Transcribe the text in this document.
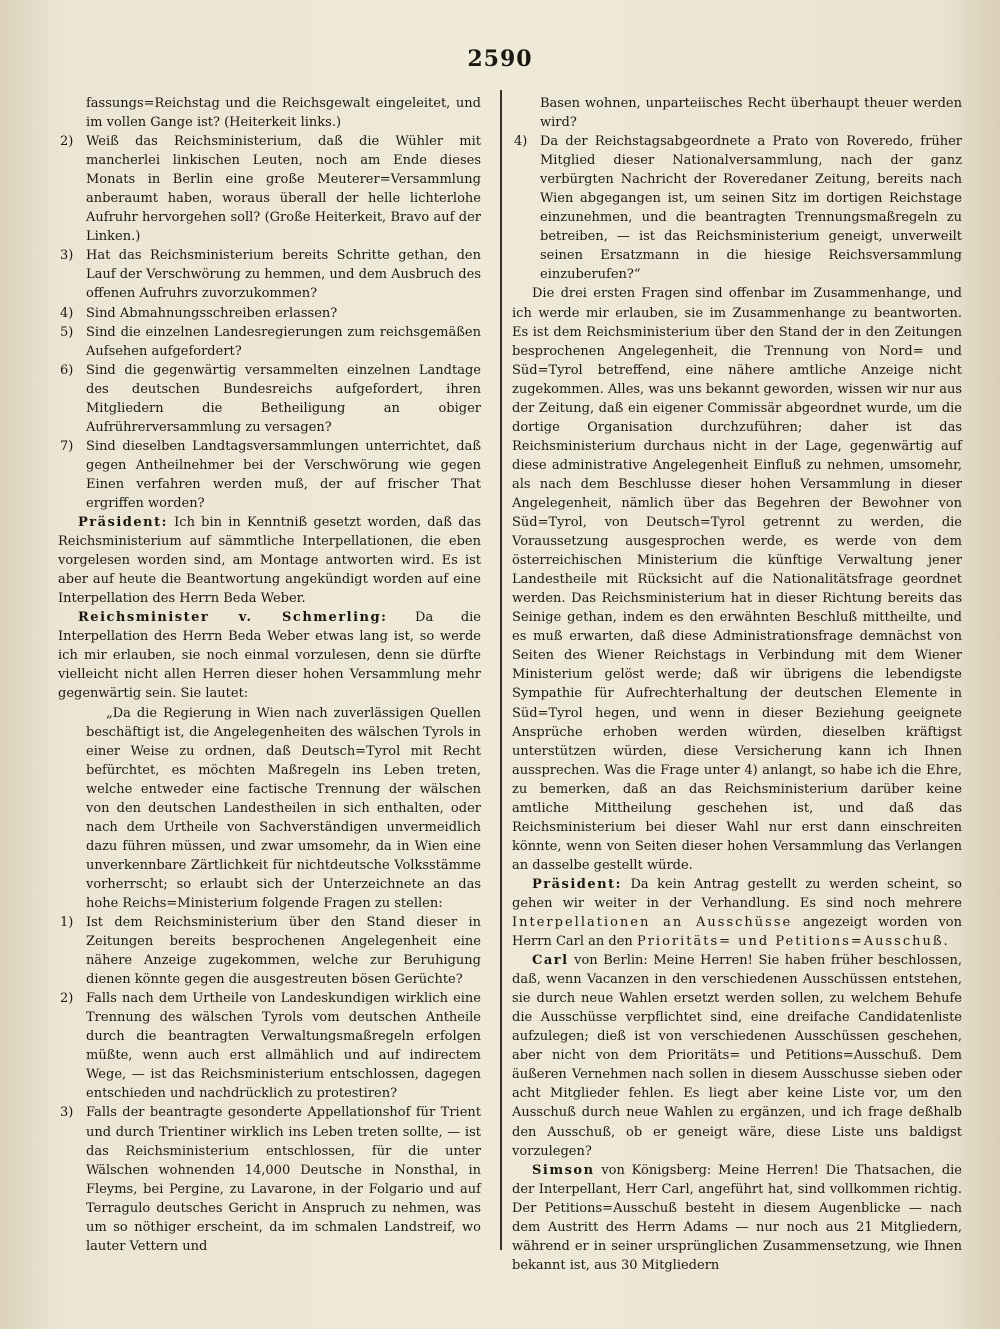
2590

fassungs=Reichstag und die Reichsgewalt eingeleitet, und im vollen Gange ist? (Heiterkeit links.)

2) Weiß das Reichsministerium, daß die Wühler mit mancherlei linkischen Leuten, noch am Ende dieses Monats in Berlin eine große Meuterer=Versammlung anberaumt haben, woraus überall der helle lichterlohe Aufruhr hervorgehen soll? (Große Heiterkeit, Bravo auf der Linken.)

3) Hat das Reichsministerium bereits Schritte gethan, den Lauf der Verschwörung zu hemmen, und dem Ausbruch des offenen Aufruhrs zuvorzukommen?

4) Sind Abmahnungsschreiben erlassen?

5) Sind die einzelnen Landesregierungen zum reichsgemäßen Aufsehen aufgefordert?

6) Sind die gegenwärtig versammelten einzelnen Landtage des deutschen Bundesreichs aufgefordert, ihren Mitgliedern die Betheiligung an obiger Aufrührerversammlung zu versagen?

7) Sind dieselben Landtagsversammlungen unterrichtet, daß gegen Antheilnehmer bei der Verschwörung wie gegen Einen verfahren werden muß, der auf frischer That ergriffen worden?

Präsident: Ich bin in Kenntniß gesetzt worden, daß das Reichsministerium auf sämmtliche Interpellationen, die eben vorgelesen worden sind, am Montage antworten wird. Es ist aber auf heute die Beantwortung angekündigt worden auf eine Interpellation des Herrn Beda Weber.

Reichsminister v. Schmerling: Da die Interpellation des Herrn Beda Weber etwas lang ist, so werde ich mir erlauben, sie noch einmal vorzulesen, denn sie dürfte vielleicht nicht allen Herren dieser hohen Versammlung mehr gegenwärtig sein. Sie lautet:

„Da die Regierung in Wien nach zuverlässigen Quellen beschäftigt ist, die Angelegenheiten des wälschen Tyrols in einer Weise zu ordnen, daß Deutsch=Tyrol mit Recht befürchtet, es möchten Maßregeln ins Leben treten, welche entweder eine factische Trennung der wälschen von den deutschen Landestheilen in sich enthalten, oder nach dem Urtheile von Sachverständigen unvermeidlich dazu führen müssen, und zwar umsomehr, da in Wien eine unverkennbare Zärtlichkeit für nichtdeutsche Volksstämme vorherrscht; so erlaubt sich der Unterzeichnete an das hohe Reichs=Ministerium folgende Fragen zu stellen:

1) Ist dem Reichsministerium über den Stand dieser in Zeitungen bereits besprochenen Angelegenheit eine nähere Anzeige zugekommen, welche zur Beruhigung dienen könnte gegen die ausgestreuten bösen Gerüchte?

2) Falls nach dem Urtheile von Landeskundigen wirklich eine Trennung des wälschen Tyrols vom deutschen Antheile durch die beantragten Verwaltungsmaßregeln erfolgen müßte, wenn auch erst allmählich und auf indirectem Wege, — ist das Reichsministerium entschlossen, dagegen entschieden und nachdrücklich zu protestiren?

3) Falls der beantragte gesonderte Appellationshof für Trient und durch Trientiner wirklich ins Leben treten sollte, — ist das Reichsministerium entschlossen, für die unter Wälschen wohnenden 14,000 Deutsche in Nonsthal, in Fleyms, bei Pergine, zu Lavarone, in der Folgario und auf Terragulo deutsches Gericht in Anspruch zu nehmen, was um so nöthiger erscheint, da im schmalen Landstreif, wo lauter Vettern und

Basen wohnen, unparteiisches Recht überhaupt theuer werden wird?

4) Da der Reichstagsabgeordnete a Prato von Roveredo, früher Mitglied dieser Nationalversammlung, nach der ganz verbürgten Nachricht der Roveredaner Zeitung, bereits nach Wien abgegangen ist, um seinen Sitz im dortigen Reichstage einzunehmen, und die beantragten Trennungsmaßregeln zu betreiben, — ist das Reichsministerium geneigt, unverweilt seinen Ersatzmann in die hiesige Reichsversammlung einzuberufen?“

Die drei ersten Fragen sind offenbar im Zusammenhange, und ich werde mir erlauben, sie im Zusammenhange zu beantworten. Es ist dem Reichsministerium über den Stand der in den Zeitungen besprochenen Angelegenheit, die Trennung von Nord= und Süd=Tyrol betreffend, eine nähere amtliche Anzeige nicht zugekommen. Alles, was uns bekannt geworden, wissen wir nur aus der Zeitung, daß ein eigener Commissär abgeordnet wurde, um die dortige Organisation durchzuführen; daher ist das Reichsministerium durchaus nicht in der Lage, gegenwärtig auf diese administrative Angelegenheit Einfluß zu nehmen, umsomehr, als nach dem Beschlusse dieser hohen Versammlung in dieser Angelegenheit, nämlich über das Begehren der Bewohner von Süd=Tyrol, von Deutsch=Tyrol getrennt zu werden, die Voraussetzung ausgesprochen werde, es werde von dem österreichischen Ministerium die künftige Verwaltung jener Landestheile mit Rücksicht auf die Nationalitätsfrage geordnet werden. Das Reichsministerium hat in dieser Richtung bereits das Seinige gethan, indem es den erwähnten Beschluß mittheilte, und es muß erwarten, daß diese Administrationsfrage demnächst von Seiten des Wiener Reichstags in Verbindung mit dem Wiener Ministerium gelöst werde; daß wir übrigens die lebendigste Sympathie für Aufrechterhaltung der deutschen Elemente in Süd=Tyrol hegen, und wenn in dieser Beziehung geeignete Ansprüche erhoben werden würden, dieselben kräftigst unterstützen würden, diese Versicherung kann ich Ihnen aussprechen. Was die Frage unter 4) anlangt, so habe ich die Ehre, zu bemerken, daß an das Reichsministerium darüber keine amtliche Mittheilung geschehen ist, und daß das Reichsministerium bei dieser Wahl nur erst dann einschreiten könnte, wenn von Seiten dieser hohen Versammlung das Verlangen an dasselbe gestellt würde.

Präsident: Da kein Antrag gestellt zu werden scheint, so gehen wir weiter in der Verhandlung. Es sind noch mehrere Interpellationen an Ausschüsse angezeigt worden von Herrn Carl an den Prioritäts= und Petitions=Ausschuß.

Carl von Berlin: Meine Herren! Sie haben früher beschlossen, daß, wenn Vacanzen in den verschiedenen Ausschüssen entstehen, sie durch neue Wahlen ersetzt werden sollen, zu welchem Behufe die Ausschüsse verpflichtet sind, eine dreifache Candidatenliste aufzulegen; dieß ist von verschiedenen Ausschüssen geschehen, aber nicht von dem Prioritäts= und Petitions=Ausschuß. Dem äußeren Vernehmen nach sollen in diesem Ausschusse sieben oder acht Mitglieder fehlen. Es liegt aber keine Liste vor, um den Ausschuß durch neue Wahlen zu ergänzen, und ich frage deßhalb den Ausschuß, ob er geneigt wäre, diese Liste uns baldigst vorzulegen?

Simson von Königsberg: Meine Herren! Die Thatsachen, die der Interpellant, Herr Carl, angeführt hat, sind vollkommen richtig. Der Petitions=Ausschuß besteht in diesem Augenblicke — nach dem Austritt des Herrn Adams — nur noch aus 21 Mitgliedern, während er in seiner ursprünglichen Zusammensetzung, wie Ihnen bekannt ist, aus 30 Mitgliedern
